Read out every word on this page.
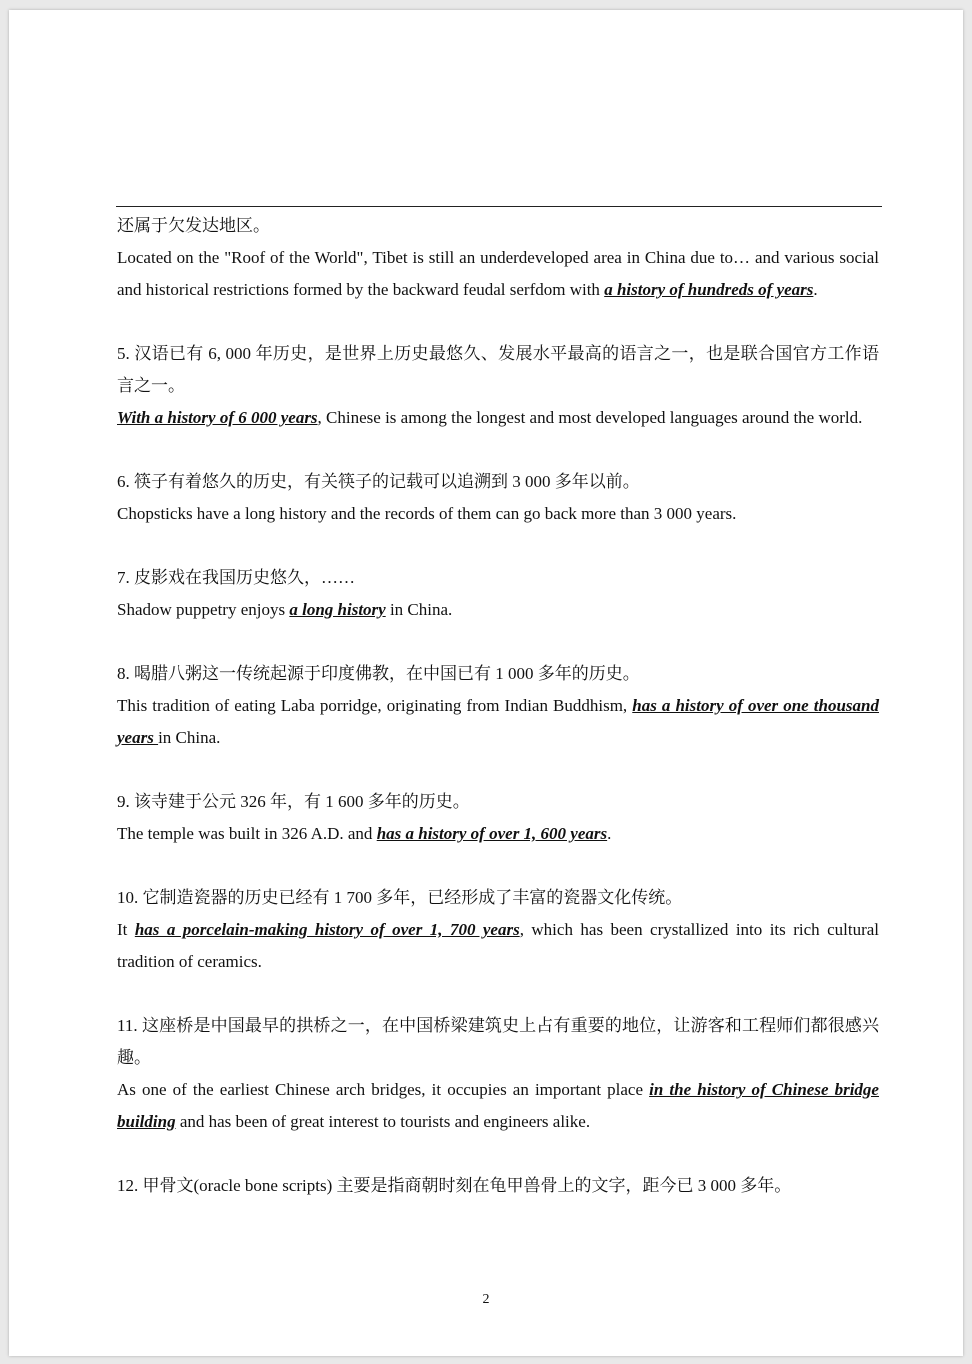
还属于欠发达地区。

Located on the "Roof of the World", Tibet is still an underdeveloped area in China due to… and various social and historical restrictions formed by the backward feudal serfdom with a history of hundreds of years.

5. 汉语已有 6, 000 年历史，是世界上历史最悠久、发展水平最高的语言之一，也是联合国官方工作语言之一。

With a history of 6 000 years, Chinese is among the longest and most developed languages around the world.

6. 筷子有着悠久的历史，有关筷子的记载可以追溯到 3 000 多年以前。

Chopsticks have a long history and the records of them can go back more than 3 000 years.

7. 皮影戏在我国历史悠久，……

Shadow puppetry enjoys a long history in China.

8. 喝腊八粥这一传统起源于印度佛教，在中国已有 1 000 多年的历史。

This tradition of eating Laba porridge, originating from Indian Buddhism, has a history of over one thousand years in China.

9. 该寺建于公元 326 年，有 1 600 多年的历史。

The temple was built in 326 A.D. and has a history of over 1, 600 years.

10. 它制造瓷器的历史已经有 1 700 多年，已经形成了丰富的瓷器文化传统。

It has a porcelain-making history of over 1, 700 years, which has been crystallized into its rich cultural tradition of ceramics.

11. 这座桥是中国最早的拱桥之一，在中国桥梁建筑史上占有重要的地位，让游客和工程师们都很感兴趣。

As one of the earliest Chinese arch bridges, it occupies an important place in the history of Chinese bridge building and has been of great interest to tourists and engineers alike.

12. 甲骨文(oracle bone scripts) 主要是指商朝时刻在龟甲兽骨上的文字，距今已 3 000 多年。

2
